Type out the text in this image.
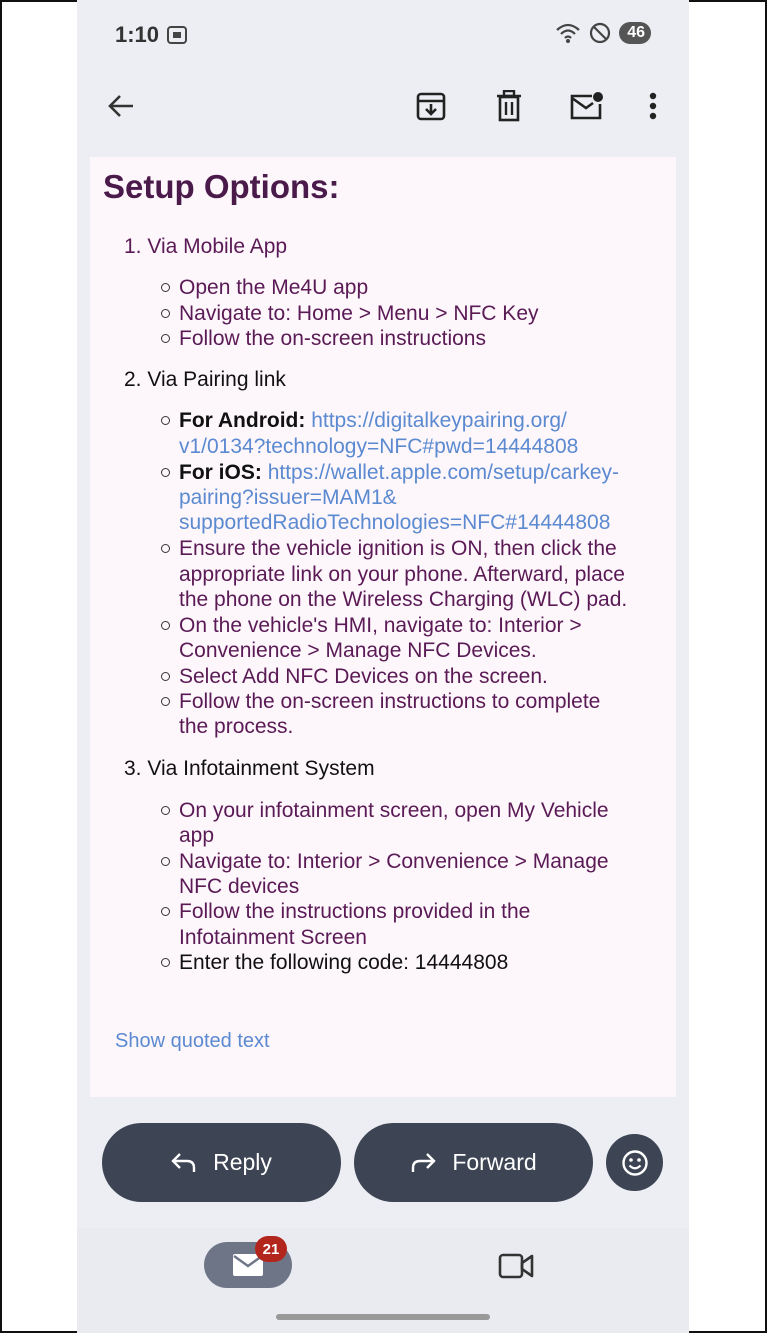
1:10	46
Setup Options:
1. Via Mobile App
Open the Me4U app
Navigate to: Home > Menu > NFC Key
Follow the on-screen instructions
2. Via Pairing link
For Android: https://digitalkeypairing.org/
v1/0134?technology=NFC#pwd=14444808
For iOS: https://wallet.apple.com/setup/carkey-
pairing?issuer=MAM1&
supportedRadioTechnologies=NFC#14444808
Ensure the vehicle ignition is ON, then click the
appropriate link on your phone. Afterward, place
the phone on the Wireless Charging (WLC) pad.
On the vehicle's HMI, navigate to: Interior >
Convenience > Manage NFC Devices.
Select Add NFC Devices on the screen.
Follow the on-screen instructions to complete
the process.
3. Via Infotainment System
On your infotainment screen, open My Vehicle
app
Navigate to: Interior > Convenience > Manage
NFC devices
Follow the instructions provided in the
Infotainment Screen
Enter the following code: 14444808
Show quoted text
Reply	Forward
21
